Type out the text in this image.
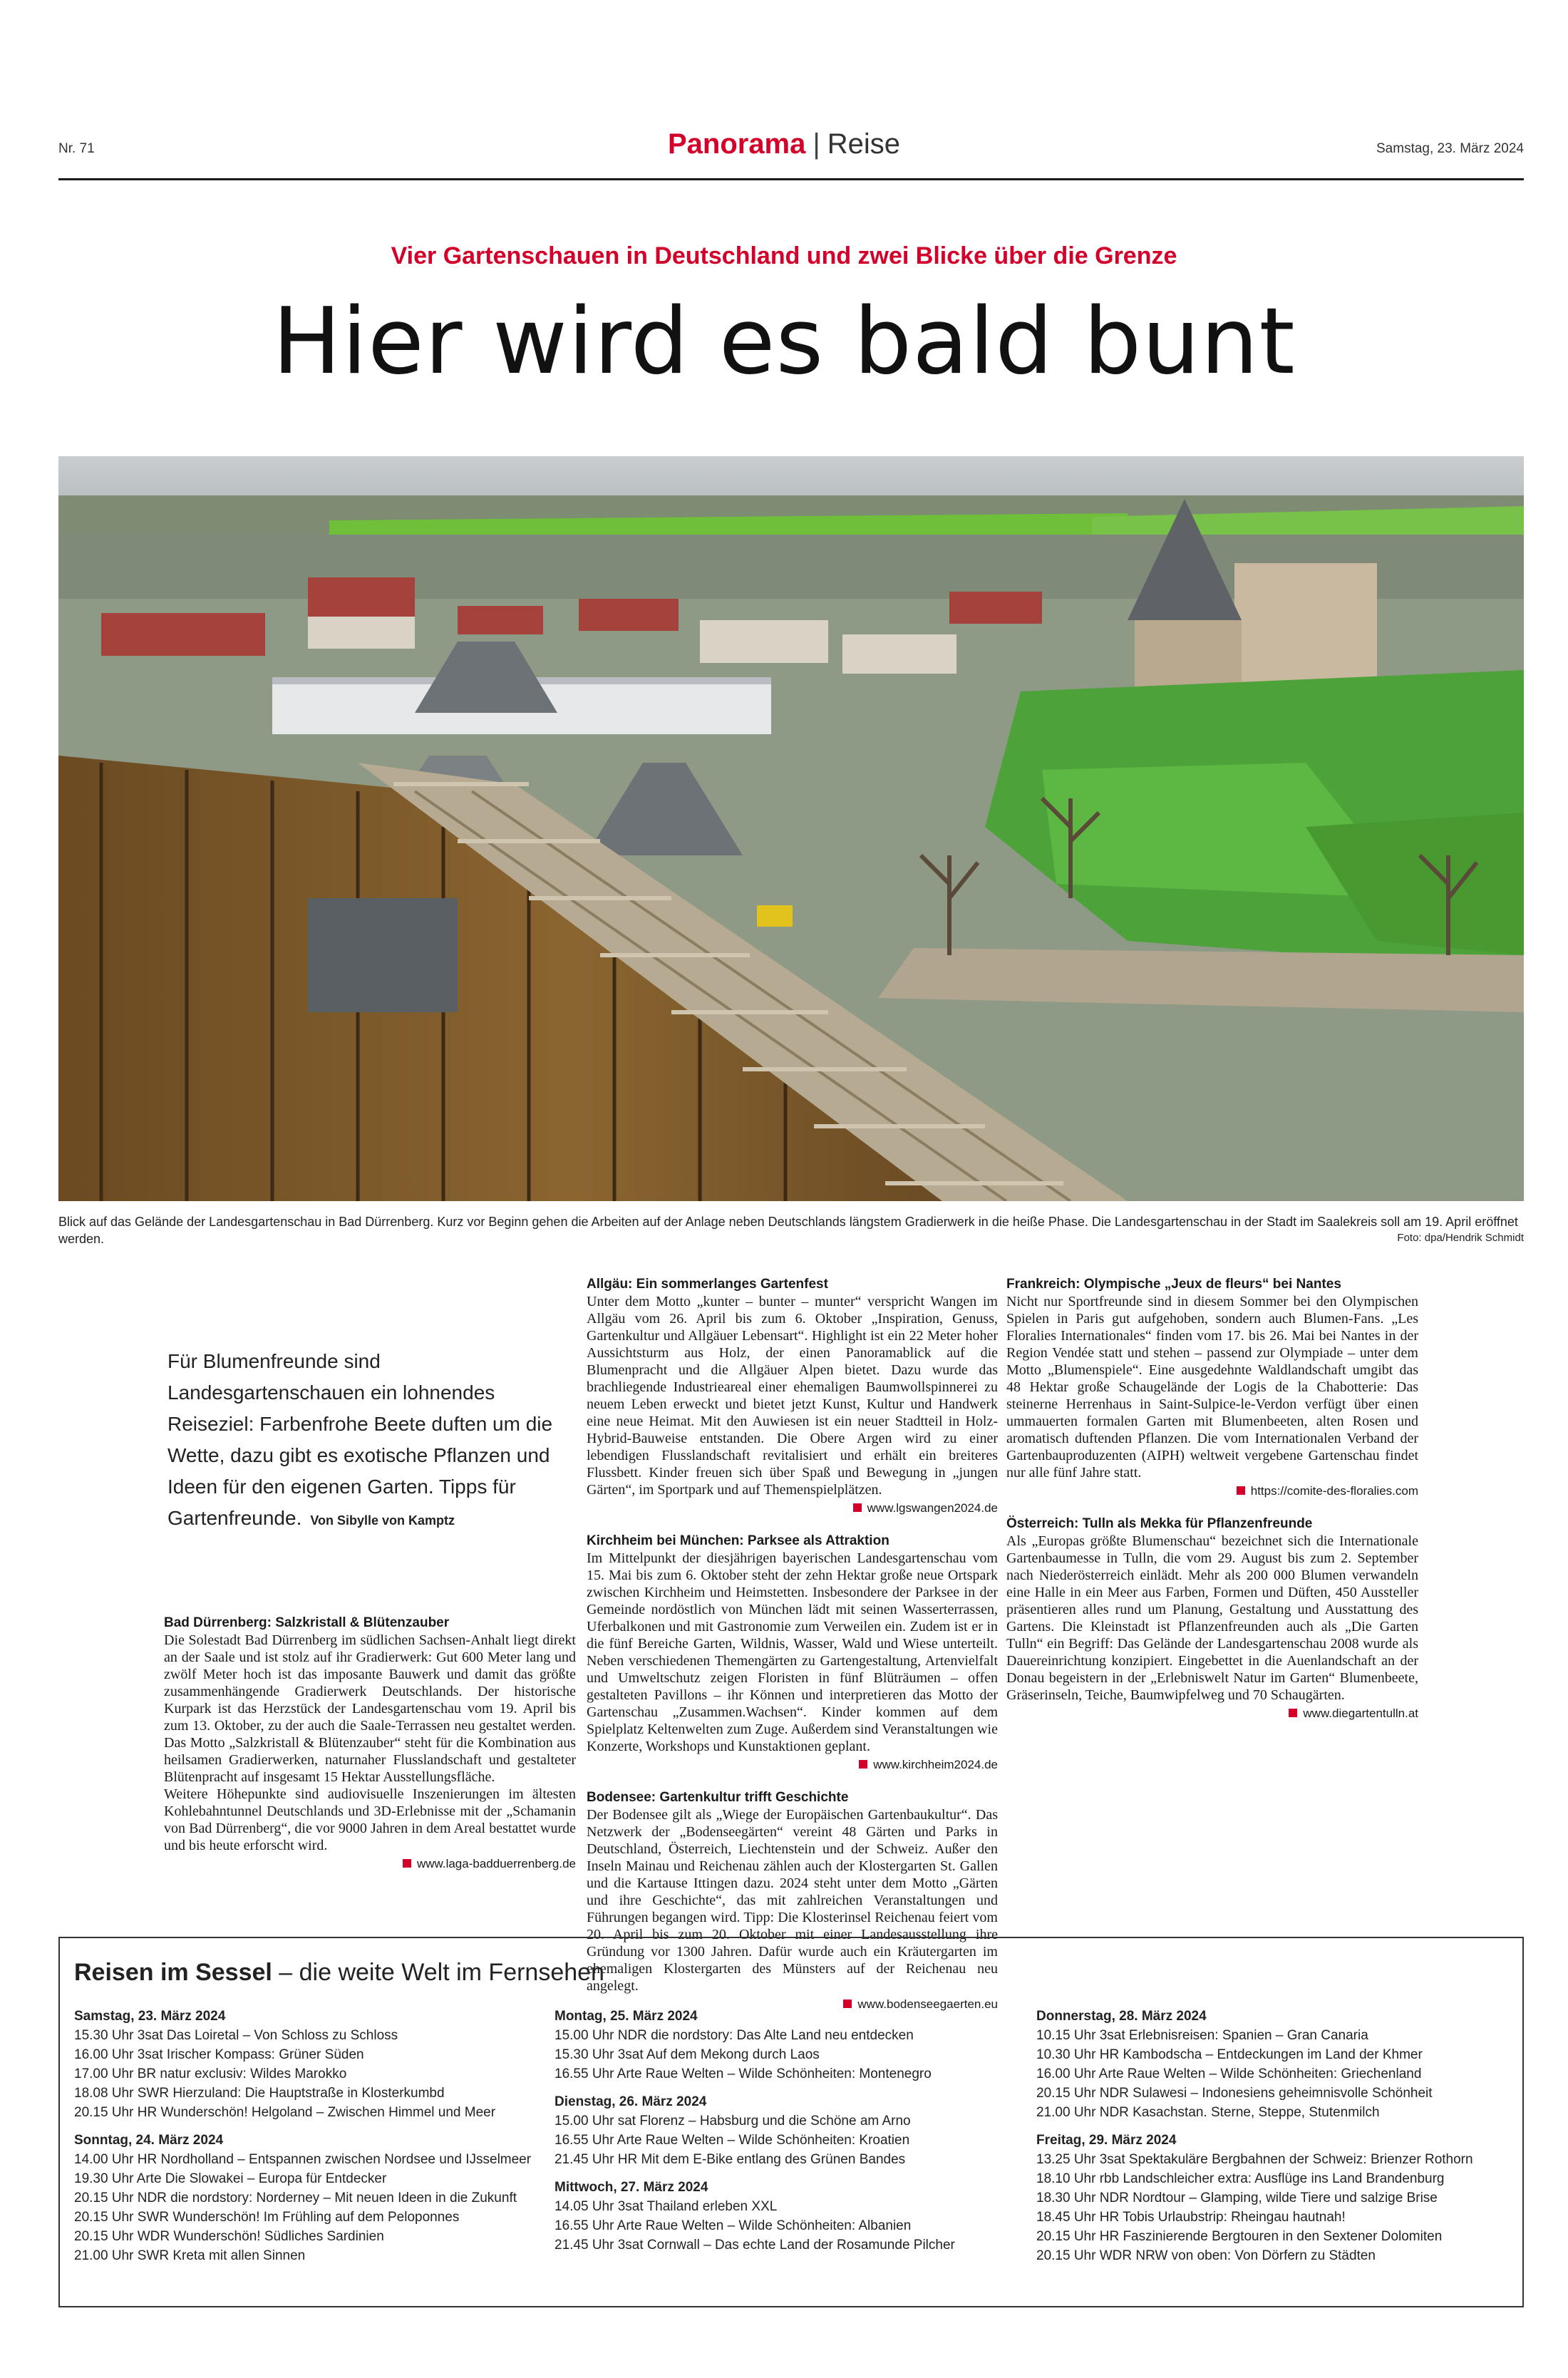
Nr. 71	Panorama | Reise	Samstag, 23. März 2024
Vier Gartenschauen in Deutschland und zwei Blicke über die Grenze
Hier wird es bald bunt
Blick auf das Gelände der Landesgartenschau in Bad Dürrenberg. Kurz vor Beginn gehen die Arbeiten auf der Anlage neben Deutschlands längstem Gradierwerk in die heiße Phase. Die Landesgartenschau in der Stadt im Saalekreis soll am 19. April eröffnet werden.	Foto: dpa/Hendrik Schmidt
Für Blumenfreunde sind Landesgartenschauen ein lohnendes Reiseziel: Farbenfrohe Beete duften um die Wette, dazu gibt es exotische Pflanzen und Ideen für den eigenen Garten. Tipps für Gartenfreunde. Von Sibylle von Kamptz
Bad Dürrenberg: Salzkristall & Blütenzauber

Die Solestadt Bad Dürrenberg im südlichen Sachsen-Anhalt liegt direkt an der Saale und ist stolz auf ihr Gradierwerk: Gut 600 Meter lang und zwölf Meter hoch ist das imposante Bauwerk und damit das größte zusammenhängende Gradierwerk Deutschlands. Der historische Kurpark ist das Herzstück der Landesgartenschau vom 19. April bis zum 13. Oktober, zu der auch die Saale-Terrassen neu gestaltet werden. Das Motto „Salzkristall & Blütenzauber“ steht für die Kombination aus heilsamen Gradierwerken, naturnaher Flusslandschaft und gestalteter Blütenpracht auf insgesamt 15 Hektar Ausstellungsfläche.

Weitere Höhepunkte sind audiovisuelle Inszenierungen im ältesten Kohlebahntunnel Deutschlands und 3D-Erlebnisse mit der „Schamanin von Bad Dürrenberg“, die vor 9000 Jahren in dem Areal bestattet wurde und bis heute erforscht wird.

www.laga-badduerrenberg.de
Allgäu: Ein sommerlanges Gartenfest

Unter dem Motto „kunter – bunter – munter“ verspricht Wangen im Allgäu vom 26. April bis zum 6. Oktober „Inspiration, Genuss, Gartenkultur und Allgäuer Lebensart“. Highlight ist ein 22 Meter hoher Aussichtsturm aus Holz, der einen Panoramablick auf die Blumenpracht und die Allgäuer Alpen bietet. Dazu wurde das brachliegende Industrieareal einer ehemaligen Baumwollspinnerei zu neuem Leben erweckt und bietet jetzt Kunst, Kultur und Handwerk eine neue Heimat. Mit den Auwiesen ist ein neuer Stadtteil in Holz-Hybrid-Bauweise entstanden. Die Obere Argen wird zu einer lebendigen Flusslandschaft revitalisiert und erhält ein breiteres Flussbett. Kinder freuen sich über Spaß und Bewegung in „jungen Gärten“, im Sportpark und auf Themenspielplätzen.

www.lgswangen2024.de
Kirchheim bei München: Parksee als Attraktion

Im Mittelpunkt der diesjährigen bayerischen Landesgartenschau vom 15. Mai bis zum 6. Oktober steht der zehn Hektar große neue Ortspark zwischen Kirchheim und Heimstetten. Insbesondere der Parksee in der Gemeinde nordöstlich von München lädt mit seinen Wasserterrassen, Uferbalkonen und mit Gastronomie zum Verweilen ein. Zudem ist er in die fünf Bereiche Garten, Wildnis, Wasser, Wald und Wiese unterteilt. Neben verschiedenen Themengärten zu Gartengestaltung, Artenvielfalt und Umweltschutz zeigen Floristen in fünf Blüträumen – offen gestalteten Pavillons – ihr Können und interpretieren das Motto der Gartenschau „Zusammen.Wachsen“. Kinder kommen auf dem Spielplatz Keltenwelten zum Zuge. Außerdem sind Veranstaltungen wie Konzerte, Workshops und Kunstaktionen geplant.

www.kirchheim2024.de
Bodensee: Gartenkultur trifft Geschichte

Der Bodensee gilt als „Wiege der Europäischen Gartenbaukultur“. Das Netzwerk der „Bodenseegärten“ vereint 48 Gärten und Parks in Deutschland, Österreich, Liechtenstein und der Schweiz. Außer den Inseln Mainau und Reichenau zählen auch der Klostergarten St. Gallen und die Kartause Ittingen dazu. 2024 steht unter dem Motto „Gärten und ihre Geschichte“, das mit zahlreichen Veranstaltungen und Führungen begangen wird. Tipp: Die Klosterinsel Reichenau feiert vom 20. April bis zum 20. Oktober mit einer Landesausstellung ihre Gründung vor 1300 Jahren. Dafür wurde auch ein Kräutergarten im ehemaligen Klostergarten des Münsters auf der Reichenau neu angelegt.

www.bodenseegaerten.eu
Frankreich: Olympische „Jeux de fleurs“ bei Nantes

Nicht nur Sportfreunde sind in diesem Sommer bei den Olympischen Spielen in Paris gut aufgehoben, sondern auch Blumen-Fans. „Les Floralies Internationales“ finden vom 17. bis 26. Mai bei Nantes in der Region Vendée statt und stehen – passend zur Olympiade – unter dem Motto „Blumenspiele“. Eine ausgedehnte Waldlandschaft umgibt das 48 Hektar große Schaugelände der Logis de la Chabotterie: Das steinerne Herrenhaus in Saint-Sulpice-le-Verdon verfügt über einen ummauerten formalen Garten mit Blumenbeeten, alten Rosen und aromatisch duftenden Pflanzen. Die vom Internationalen Verband der Gartenbauproduzenten (AIPH) weltweit vergebene Gartenschau findet nur alle fünf Jahre statt.

https://comite-des-floralies.com
Österreich: Tulln als Mekka für Pflanzenfreunde

Als „Europas größte Blumenschau“ bezeichnet sich die Internationale Gartenbaumesse in Tulln, die vom 29. August bis zum 2. September nach Niederösterreich einlädt. Mehr als 200 000 Blumen verwandeln eine Halle in ein Meer aus Farben, Formen und Düften, 450 Aussteller präsentieren alles rund um Planung, Gestaltung und Ausstattung des Gartens. Die Kleinstadt ist Pflanzenfreunden auch als „Die Garten Tulln“ ein Begriff: Das Gelände der Landesgartenschau 2008 wurde als Dauereinrichtung konzipiert. Eingebettet in die Auenlandschaft an der Donau begeistern in der „Erlebniswelt Natur im Garten“ Blumenbeete, Gräserinseln, Teiche, Baumwipfelweg und 70 Schaugärten.

www.diegartentulln.at
Reisen im Sessel – die weite Welt im Fernsehen
Samstag, 23. März 2024
15.30 Uhr 3sat Das Loiretal – Von Schloss zu Schloss
16.00 Uhr 3sat Irischer Kompass: Grüner Süden
17.00 Uhr BR natur exclusiv: Wildes Marokko
18.08 Uhr SWR Hierzuland: Die Hauptstraße in Klosterkumbd
20.15 Uhr HR Wunderschön! Helgoland – Zwischen Himmel und Meer
Sonntag, 24. März 2024
14.00 Uhr HR Nordholland – Entspannen zwischen Nordsee und IJsselmeer
19.30 Uhr Arte Die Slowakei – Europa für Entdecker
20.15 Uhr NDR die nordstory: Norderney – Mit neuen Ideen in die Zukunft
20.15 Uhr SWR Wunderschön! Im Frühling auf dem Peloponnes
20.15 Uhr WDR Wunderschön! Südliches Sardinien
21.00 Uhr SWR Kreta mit allen Sinnen
Montag, 25. März 2024
15.00 Uhr NDR die nordstory: Das Alte Land neu entdecken
15.30 Uhr 3sat Auf dem Mekong durch Laos
16.55 Uhr Arte Raue Welten – Wilde Schönheiten: Montenegro
Dienstag, 26. März 2024
15.00 Uhr sat Florenz – Habsburg und die Schöne am Arno
16.55 Uhr Arte Raue Welten – Wilde Schönheiten: Kroatien
21.45 Uhr HR Mit dem E-Bike entlang des Grünen Bandes
Mittwoch, 27. März 2024
14.05 Uhr 3sat Thailand erleben XXL
16.55 Uhr Arte Raue Welten – Wilde Schönheiten: Albanien
21.45 Uhr 3sat Cornwall – Das echte Land der Rosamunde Pilcher
Donnerstag, 28. März 2024
10.15 Uhr 3sat Erlebnisreisen: Spanien – Gran Canaria
10.30 Uhr HR Kambodscha – Entdeckungen im Land der Khmer
16.00 Uhr Arte Raue Welten – Wilde Schönheiten: Griechenland
20.15 Uhr NDR Sulawesi – Indonesiens geheimnisvolle Schönheit
21.00 Uhr NDR Kasachstan. Sterne, Steppe, Stutenmilch
Freitag, 29. März 2024
13.25 Uhr 3sat Spektakuläre Bergbahnen der Schweiz: Brienzer Rothorn
18.10 Uhr rbb Landschleicher extra: Ausflüge ins Land Brandenburg
18.30 Uhr NDR Nordtour – Glamping, wilde Tiere und salzige Brise
18.45 Uhr HR Tobis Urlaubstrip: Rheingau hautnah!
20.15 Uhr HR Faszinierende Bergtouren in den Sextener Dolomiten
20.15 Uhr WDR NRW von oben: Von Dörfern zu Städten
